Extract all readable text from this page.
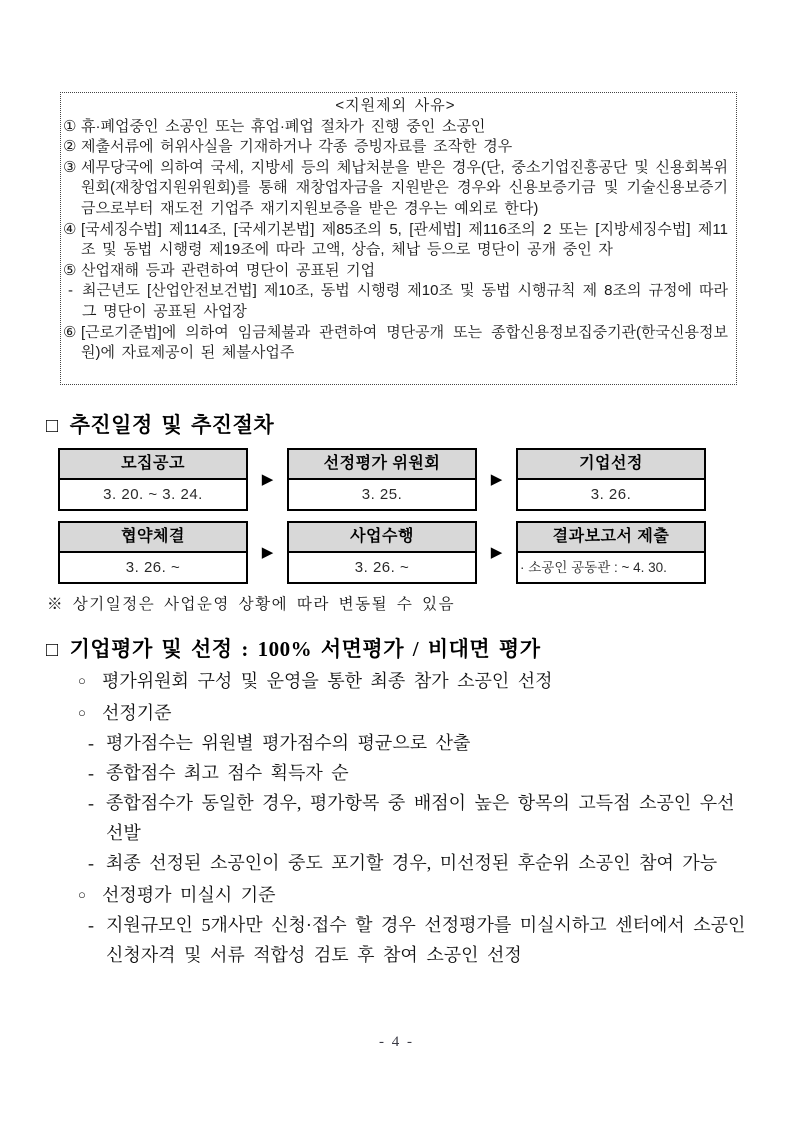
<지원제외 사유>
① 휴·폐업중인 소공인 또는 휴업·폐업 절차가 진행 중인 소공인
② 제출서류에 허위사실을 기재하거나 각종 증빙자료를 조작한 경우
③ 세무당국에 의하여 국세, 지방세 등의 체납처분을 받은 경우(단, 중소기업진흥공단 및 신용회복위원회(재창업지원위원회)를 통해 재창업자금을 지원받은 경우와 신용보증기금 및 기술신용보증기금으로부터 재도전 기업주 재기지원보증을 받은 경우는 예외로 한다)
④ [국세징수법] 제114조, [국세기본법] 제85조의 5, [관세법] 제116조의 2 또는 [지방세징수법] 제11조 및 동법 시행령 제19조에 따라 고액, 상습, 체납 등으로 명단이 공개 중인 자
⑤ 산업재해 등과 관련하여 명단이 공표된 기업
- 최근년도 [산업안전보건법] 제10조, 동법 시행령 제10조 및 동법 시행규칙 제 8조의 규정에 따라 그 명단이 공표된 사업장
⑥ [근로기준법]에 의하여 임금체불과 관련하여 명단공개 또는 종합신용정보집중기관(한국신용정보원)에 자료제공이 된 체불사업주
□ 추진일정 및 추진절차
모집공고
3. 20. ~ 3. 24.
▶
선정평가 위원회
3. 25.
▶
기업선정
3. 26.
협약체결
3. 26. ~
▶
사업수행
3. 26. ~
▶
결과보고서 제출
· 소공인 공동관 : ~ 4. 30.
※ 상기일정은 사업운영 상황에 따라 변동될 수 있음
□ 기업평가 및 선정 : 100% 서면평가 / 비대면 평가
○ 평가위원회 구성 및 운영을 통한 최종 참가 소공인 선정
○ 선정기준
- 평가점수는 위원별 평가점수의 평균으로 산출
- 종합점수 최고 점수 획득자 순
- 종합점수가 동일한 경우, 평가항목 중 배점이 높은 항목의 고득점 소공인 우선 선발
- 최종 선정된 소공인이 중도 포기할 경우, 미선정된 후순위 소공인 참여 가능
○ 선정평가 미실시 기준
- 지원규모인 5개사만 신청·접수 할 경우 선정평가를 미실시하고 센터에서 소공인 신청자격 및 서류 적합성 검토 후 참여 소공인 선정
- 4 -
